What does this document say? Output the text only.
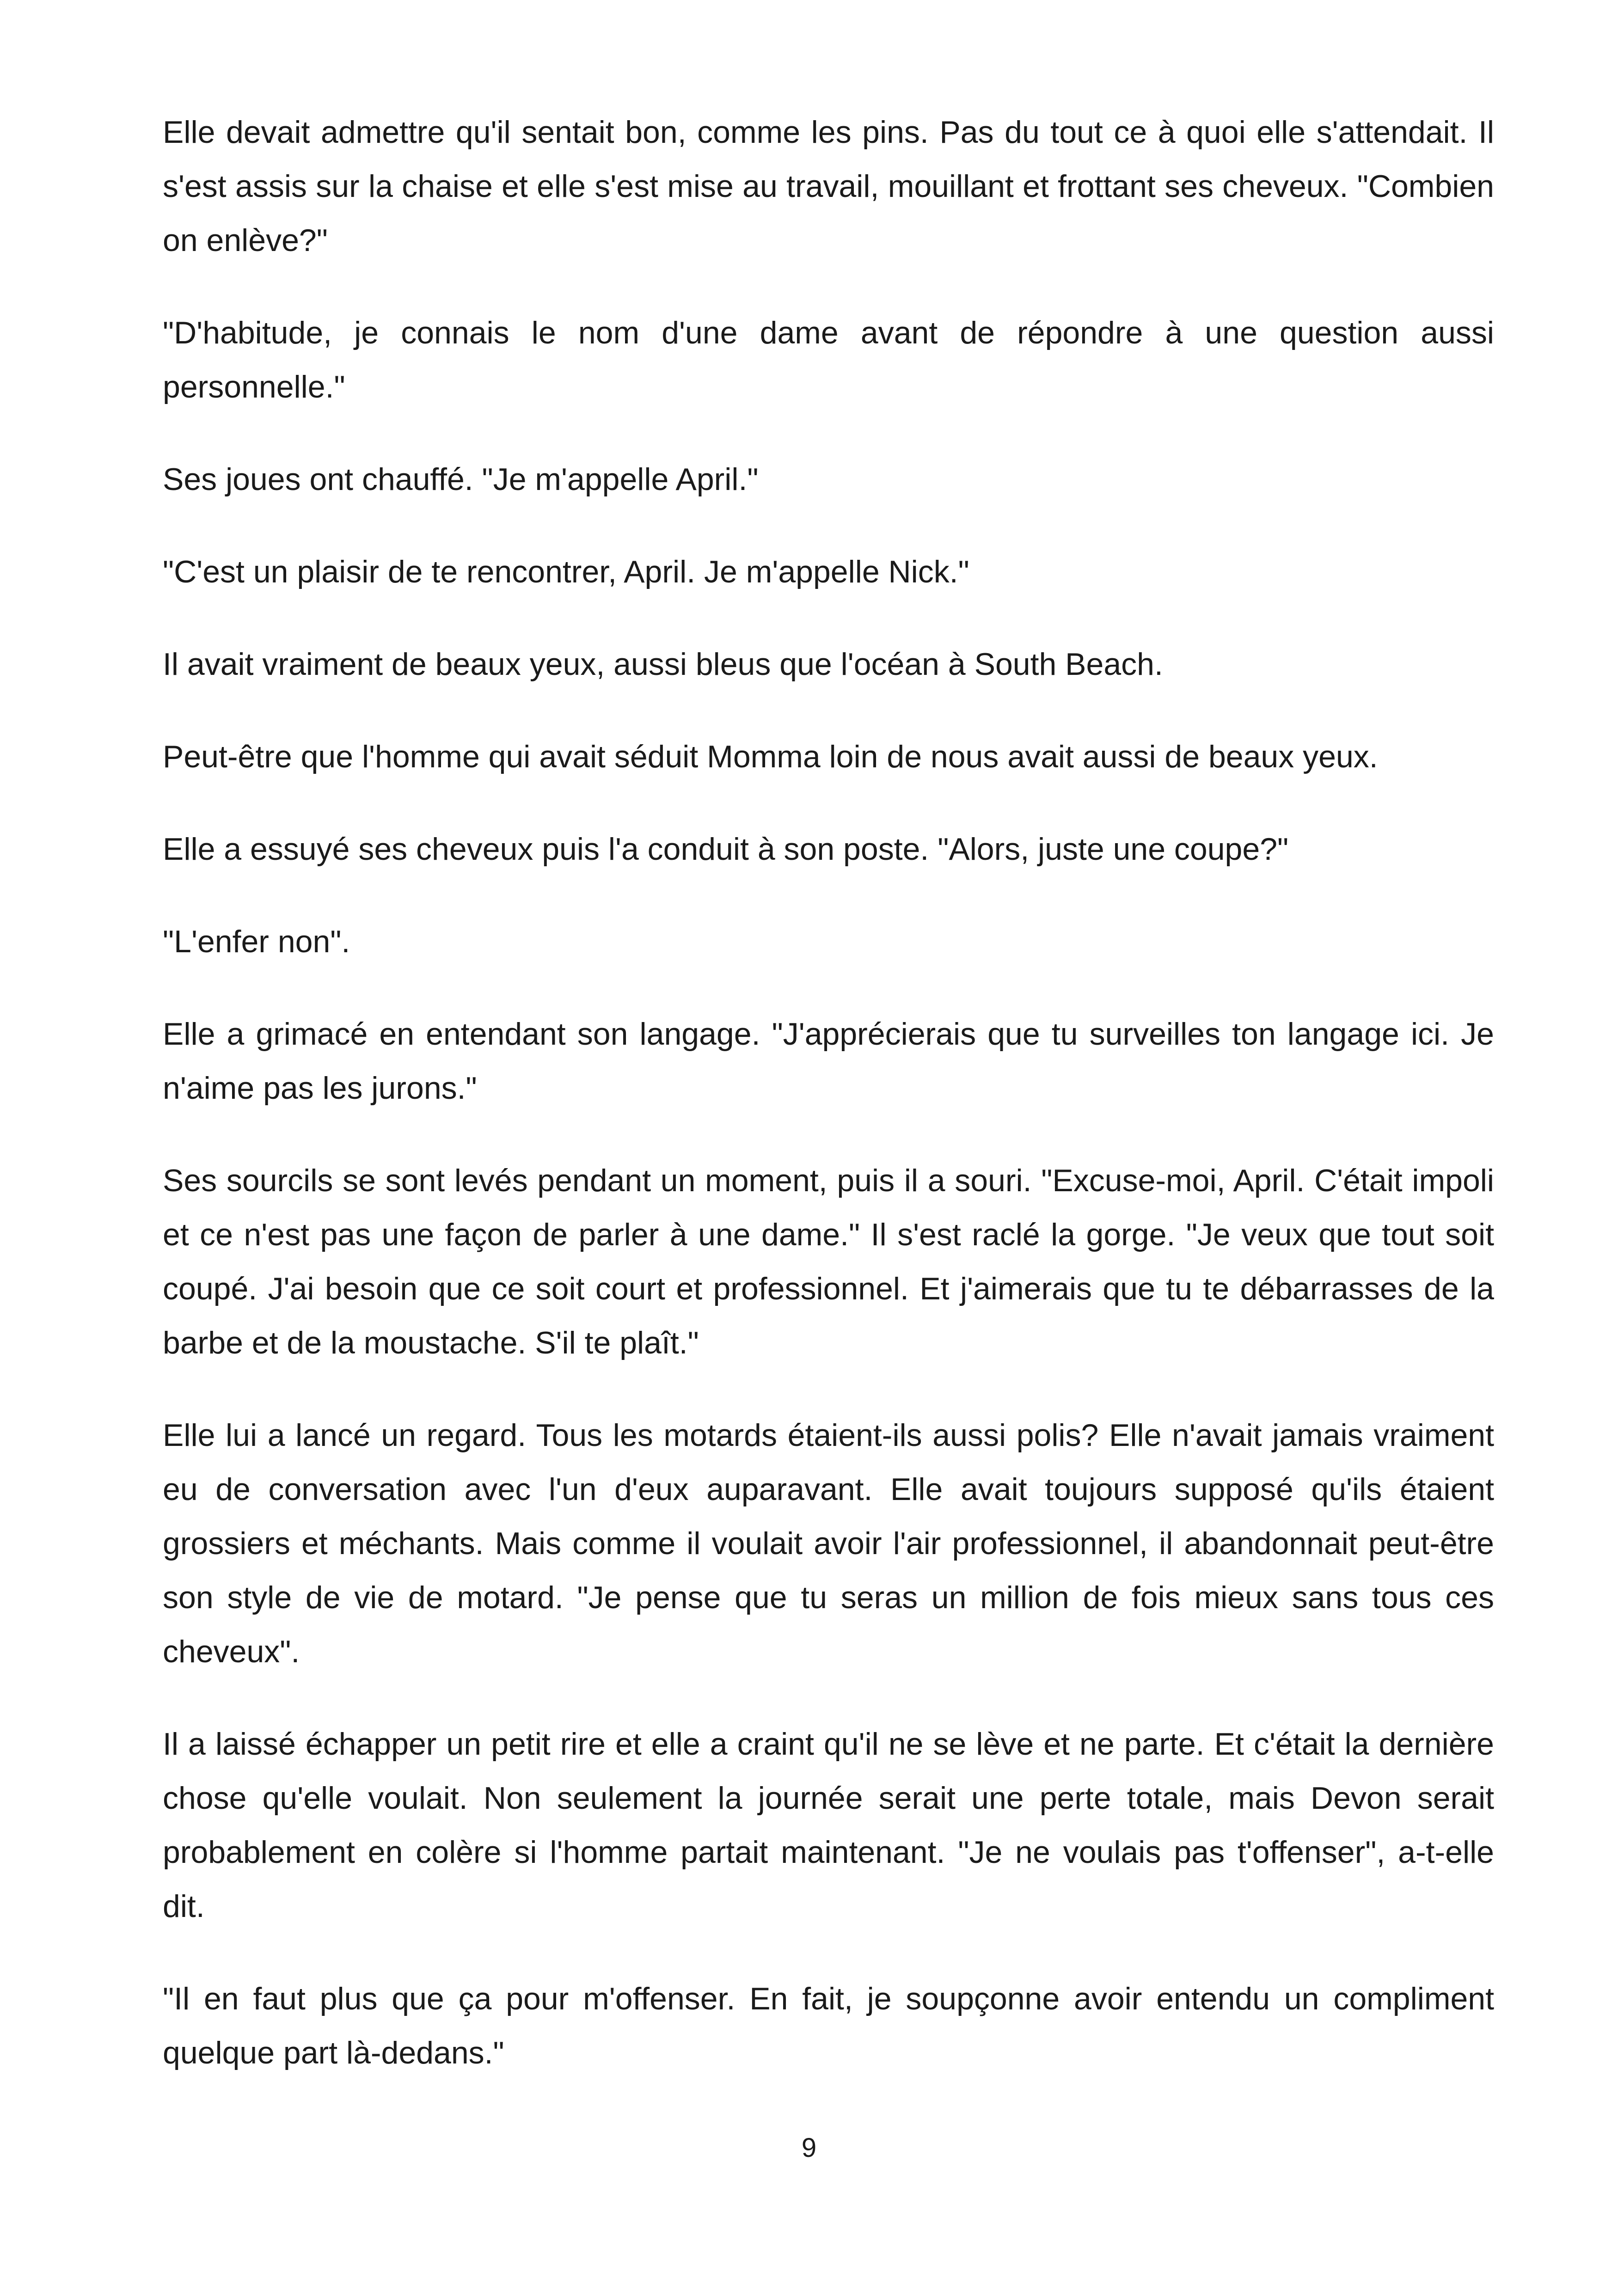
Elle devait admettre qu'il sentait bon, comme les pins. Pas du tout ce à quoi elle s'attendait. Il s'est assis sur la chaise et elle s'est mise au travail, mouillant et frottant ses cheveux. "Combien on enlève?"

"D'habitude, je connais le nom d'une dame avant de répondre à une question aussi personnelle."

Ses joues ont chauffé. "Je m'appelle April."

"C'est un plaisir de te rencontrer, April. Je m'appelle Nick."

Il avait vraiment de beaux yeux, aussi bleus que l'océan à South Beach.

Peut-être que l'homme qui avait séduit Momma loin de nous avait aussi de beaux yeux.

Elle a essuyé ses cheveux puis l'a conduit à son poste. "Alors, juste une coupe?"

"L'enfer non".

Elle a grimacé en entendant son langage. "J'apprécierais que tu surveilles ton langage ici. Je n'aime pas les jurons."

Ses sourcils se sont levés pendant un moment, puis il a souri. "Excuse-moi, April. C'était impoli et ce n'est pas une façon de parler à une dame." Il s'est raclé la gorge. "Je veux que tout soit coupé. J'ai besoin que ce soit court et professionnel. Et j'aimerais que tu te débarrasses de la barbe et de la moustache. S'il te plaît."

Elle lui a lancé un regard. Tous les motards étaient-ils aussi polis? Elle n'avait jamais vraiment eu de conversation avec l'un d'eux auparavant. Elle avait toujours supposé qu'ils étaient grossiers et méchants. Mais comme il voulait avoir l'air professionnel, il abandonnait peut-être son style de vie de motard. "Je pense que tu seras un million de fois mieux sans tous ces cheveux".

Il a laissé échapper un petit rire et elle a craint qu'il ne se lève et ne parte. Et c'était la dernière chose qu'elle voulait. Non seulement la journée serait une perte totale, mais Devon serait probablement en colère si l'homme partait maintenant. "Je ne voulais pas t'offenser", a-t-elle dit.

"Il en faut plus que ça pour m'offenser. En fait, je soupçonne avoir entendu un compliment quelque part là-dedans."

9
